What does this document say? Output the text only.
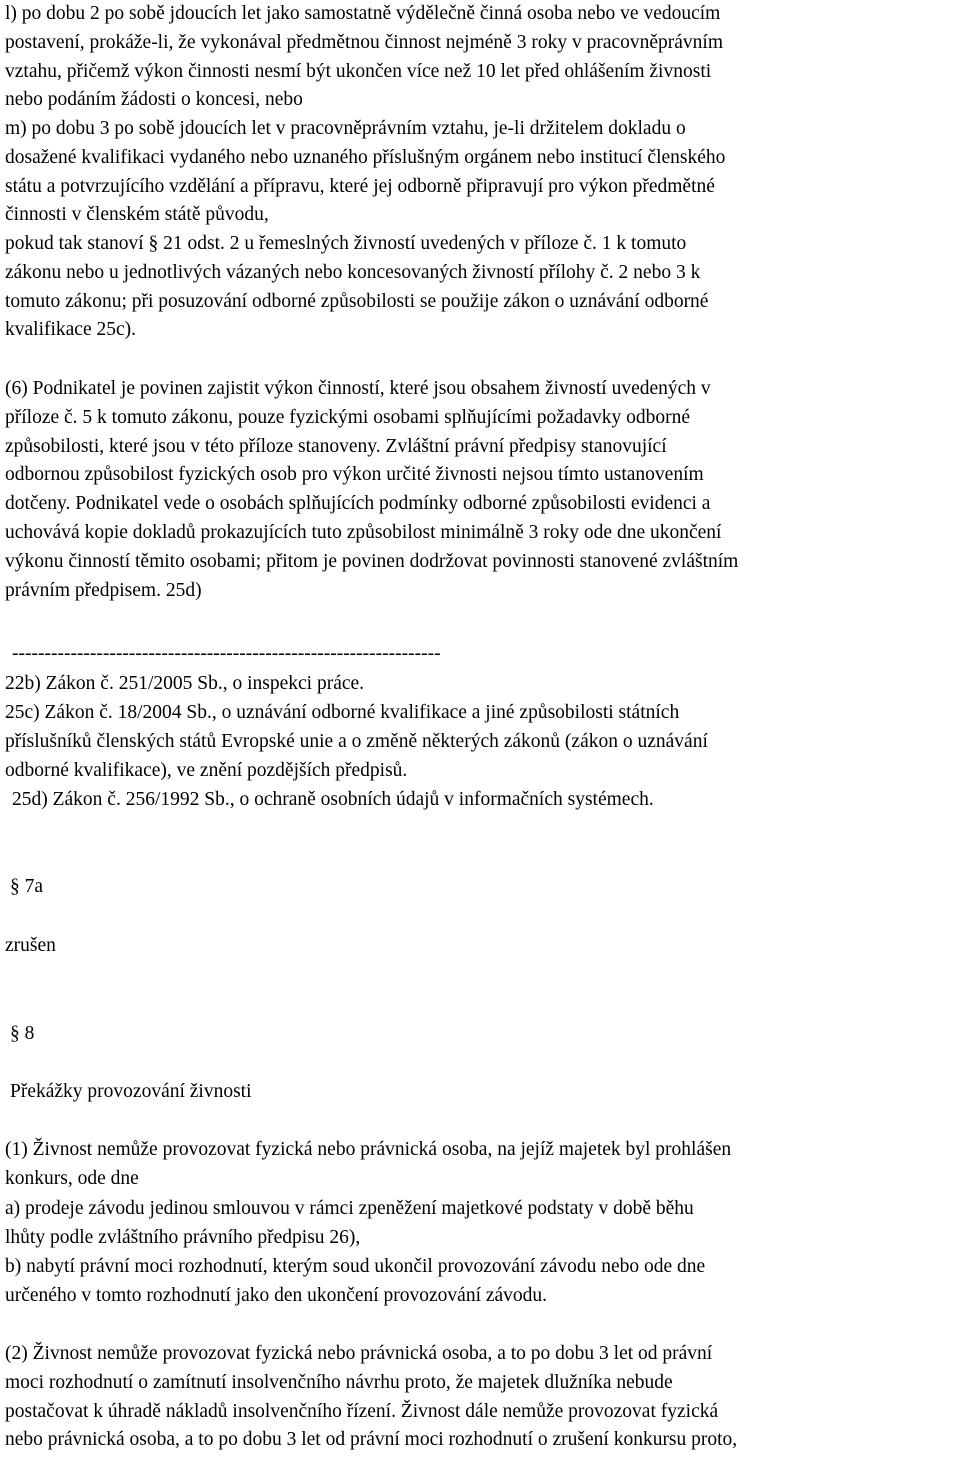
l) po dobu 2 po sobě jdoucích let jako samostatně výdělečně činná osoba nebo ve vedoucím
postavení, prokáže-li, že vykonával předmětnou činnost nejméně 3 roky v pracovněprávním
vztahu, přičemž výkon činnosti nesmí být ukončen více než 10 let před ohlášením živnosti
nebo podáním žádosti o koncesi, nebo

m) po dobu 3 po sobě jdoucích let v pracovněprávním vztahu, je-li držitelem dokladu o
dosažené kvalifikaci vydaného nebo uznaného příslušným orgánem nebo institucí členského
státu a potvrzujícího vzdělání a přípravu, které jej odborně připravují pro výkon předmětné
činnosti v členském státě původu,

pokud tak stanoví § 21 odst. 2 u řemeslných živností uvedených v příloze č. 1 k tomuto
zákonu nebo u jednotlivých vázaných nebo koncesovaných živností přílohy č. 2 nebo 3 k
tomuto zákonu; při posuzování odborné způsobilosti se použije zákon o uznávání odborné
kvalifikace 25c).

(6) Podnikatel je povinen zajistit výkon činností, které jsou obsahem živností uvedených v
příloze č. 5 k tomuto zákonu, pouze fyzickými osobami splňujícími požadavky odborné
způsobilosti, které jsou v této příloze stanoveny. Zvláštní právní předpisy stanovující
odbornou způsobilost fyzických osob pro výkon určité živnosti nejsou tímto ustanovením
dotčeny. Podnikatel vede o osobách splňujících podmínky odborné způsobilosti evidenci a
uchovává kopie dokladů prokazujících tuto způsobilost minimálně 3 roky ode dne ukončení
výkonu činností těmito osobami; přitom je povinen dodržovat povinnosti stanovené zvláštním
právním předpisem. 25d)

------------------------------------------------------------------

22b) Zákon č. 251/2005 Sb., o inspekci práce.

25c) Zákon č. 18/2004 Sb., o uznávání odborné kvalifikace a jiné způsobilosti státních
příslušníků členských států Evropské unie a o změně některých zákonů (zákon o uznávání
odborné kvalifikace), ve znění pozdějších předpisů.

25d) Zákon č. 256/1992 Sb., o ochraně osobních údajů v informačních systémech.

§ 7a

zrušen

§ 8

Překážky provozování živnosti

(1) Živnost nemůže provozovat fyzická nebo právnická osoba, na jejíž majetek byl prohlášen
konkurs, ode dne

a) prodeje závodu jedinou smlouvou v rámci zpeněžení majetkové podstaty v době běhu
lhůty podle zvláštního právního předpisu 26),

b) nabytí právní moci rozhodnutí, kterým soud ukončil provozování závodu nebo ode dne
určeného v tomto rozhodnutí jako den ukončení provozování závodu.

(2) Živnost nemůže provozovat fyzická nebo právnická osoba, a to po dobu 3 let od právní
moci rozhodnutí o zamítnutí insolvenčního návrhu proto, že majetek dlužníka nebude
postačovat k úhradě nákladů insolvenčního řízení. Živnost dále nemůže provozovat fyzická
nebo právnická osoba, a to po dobu 3 let od právní moci rozhodnutí o zrušení konkursu proto,
